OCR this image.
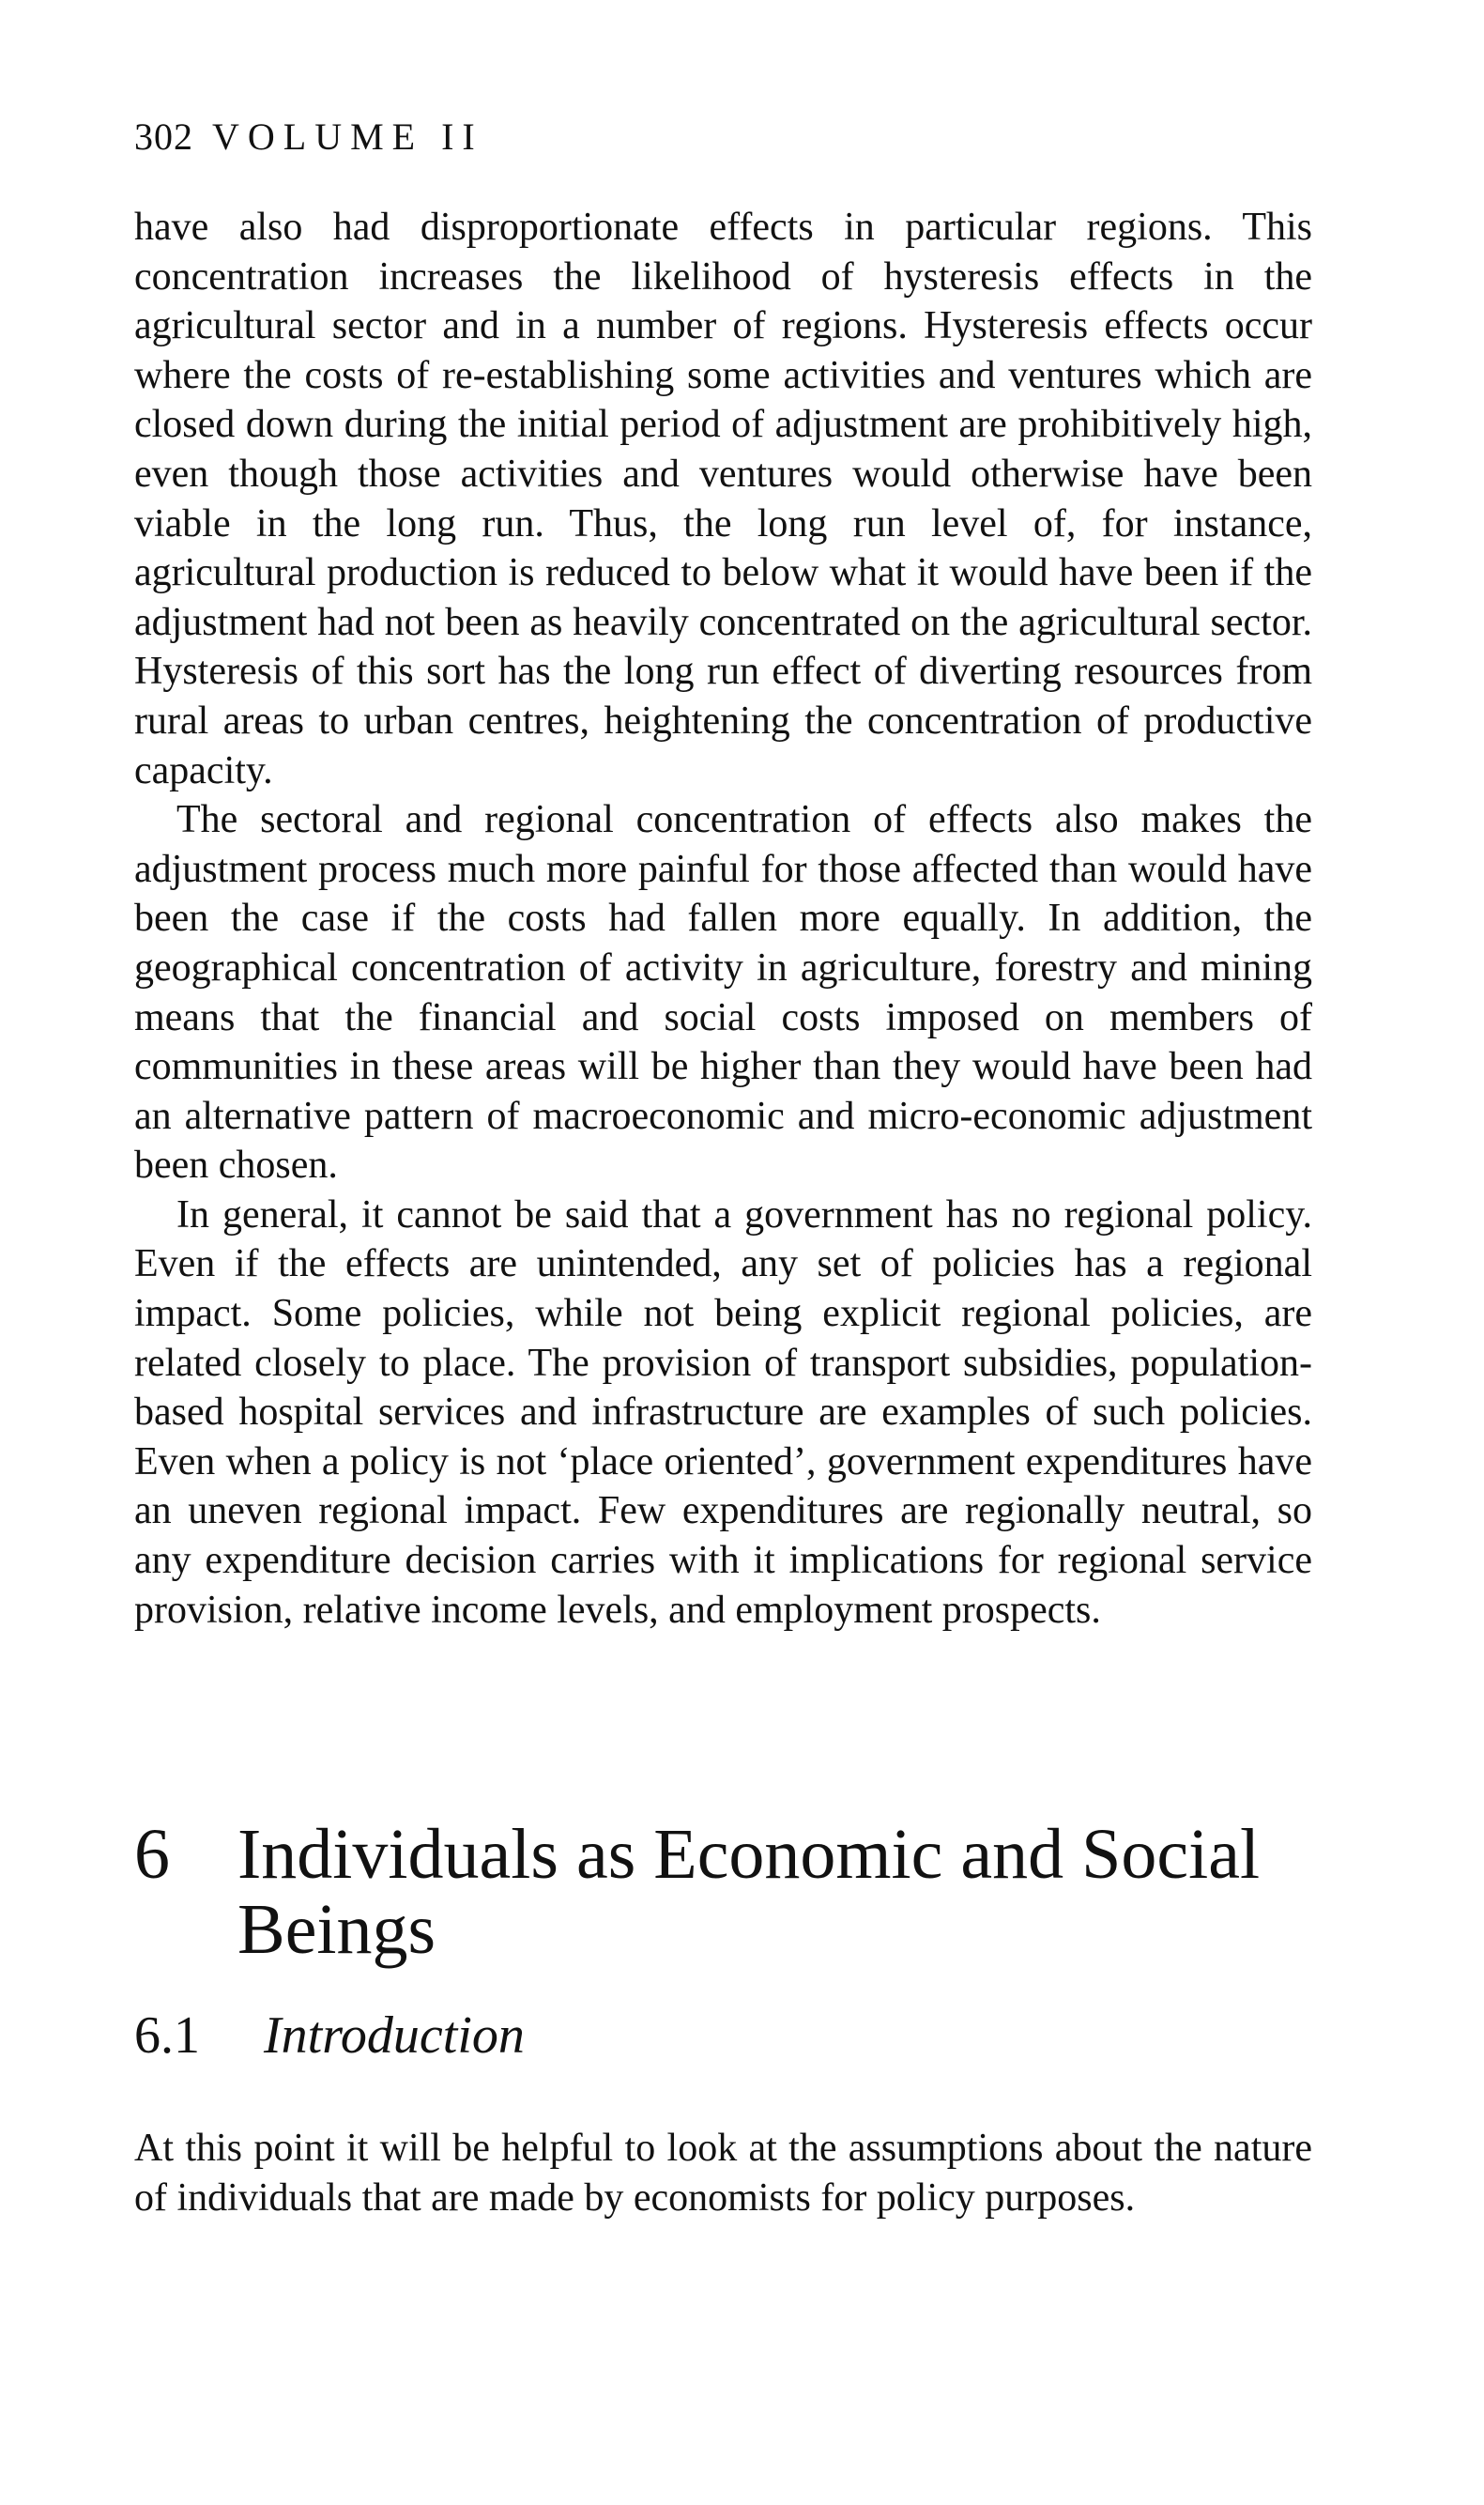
302 VOLUME II

have also had disproportionate effects in particular regions. This concentration increases the likelihood of hysteresis effects in the agricultural sector and in a number of regions. Hysteresis effects occur where the costs of re-establishing some activities and ventures which are closed down during the initial period of adjustment are prohibitively high, even though those activities and ventures would otherwise have been viable in the long run. Thus, the long run level of, for instance, agricultural production is reduced to below what it would have been if the adjustment had not been as heavily concentrated on the agricultural sector. Hysteresis of this sort has the long run effect of diverting resources from rural areas to urban centres, heightening the concentration of productive capacity.

The sectoral and regional concentration of effects also makes the adjustment process much more painful for those affected than would have been the case if the costs had fallen more equally. In addition, the geographical concentration of activity in agriculture, forestry and mining means that the financial and social costs imposed on members of communities in these areas will be higher than they would have been had an alternative pattern of macroeconomic and micro-economic adjustment been chosen.

In general, it cannot be said that a government has no regional policy. Even if the effects are unintended, any set of policies has a regional impact. Some policies, while not being explicit regional policies, are related closely to place. The provision of transport subsidies, population-based hospital services and infrastructure are examples of such policies. Even when a policy is not ‘place oriented’, government expenditures have an uneven regional impact. Few expenditures are regionally neutral, so any expenditure decision carries with it implications for regional service provision, relative income levels, and employment prospects.

6 Individuals as Economic and Social Beings
6.1 Introduction

At this point it will be helpful to look at the assumptions about the nature of individuals that are made by economists for policy purposes.
